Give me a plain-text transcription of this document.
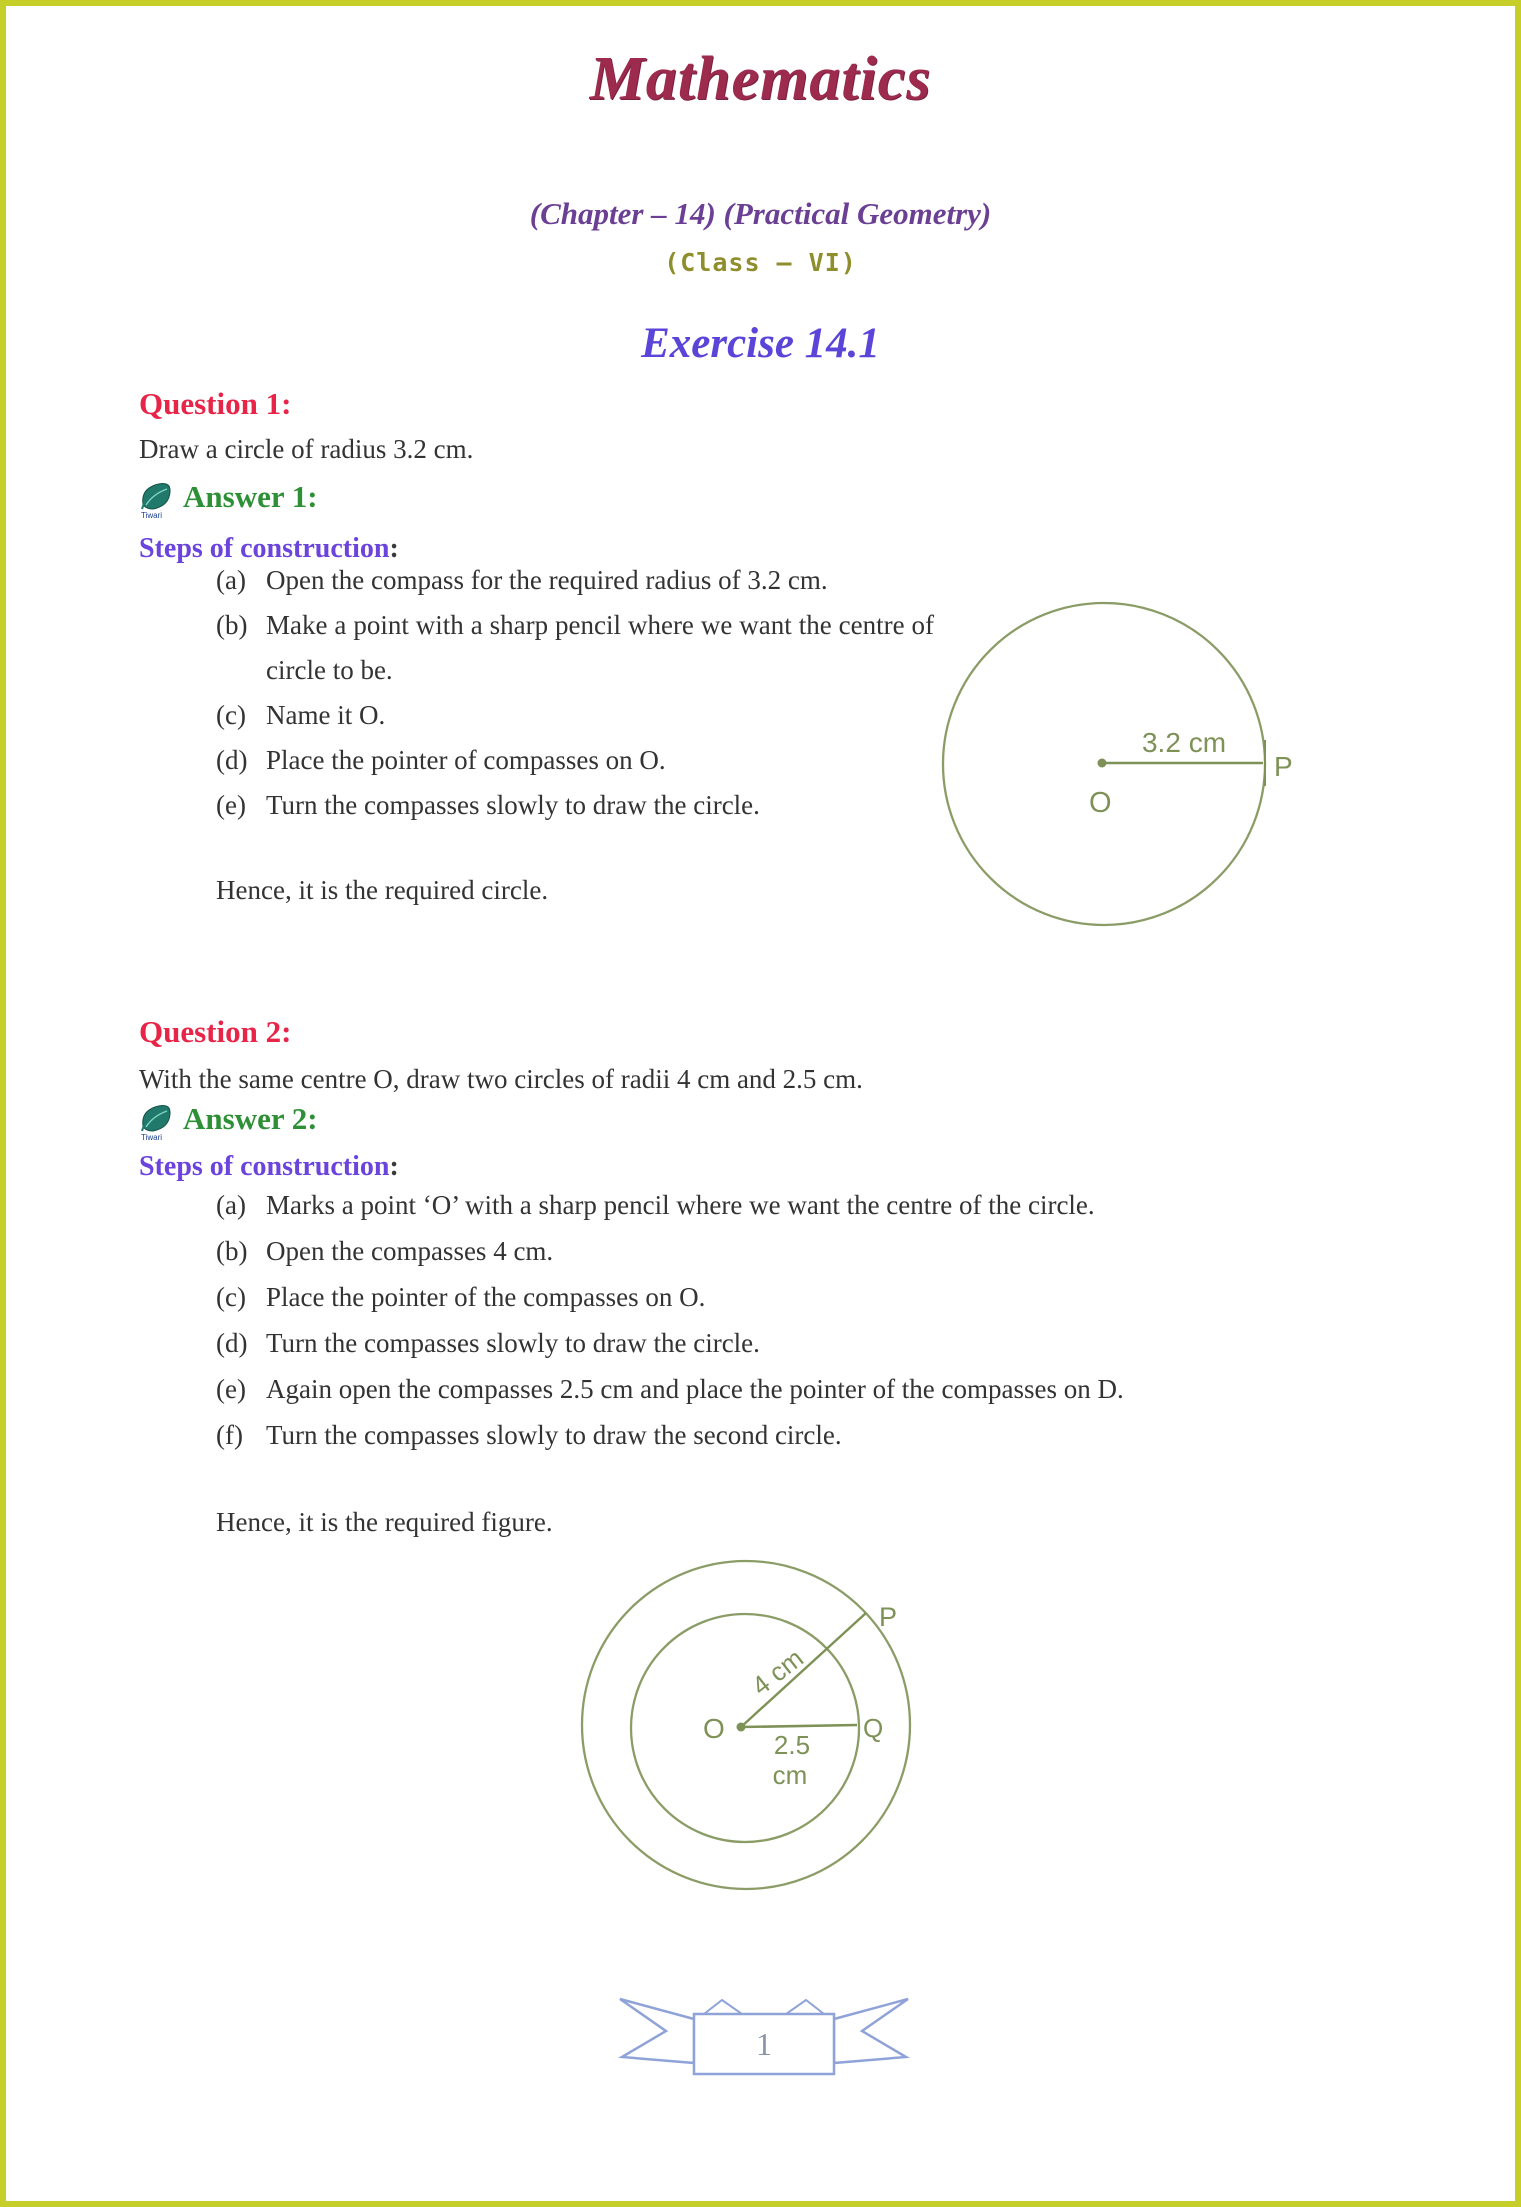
Mathematics
(Chapter – 14) (Practical Geometry)
(Class – VI)
Exercise 14.1
Question 1:
Draw a circle of radius 3.2 cm.
Tiwari
Answer 1:
Steps of construction:
(a) Open the compass for the required radius of 3.2 cm.
(b) Make a point with a sharp pencil where we want the centre of circle to be.
(c) Name it O.
(d) Place the pointer of compasses on O.
(e) Turn the compasses slowly to draw the circle.
Hence, it is the required circle.
3.2 cm
O
P
Question 2:
With the same centre O, draw two circles of radii 4 cm and 2.5 cm.
Tiwari
Answer 2:
Steps of construction:
(a) Marks a point ‘O’ with a sharp pencil where we want the centre of the circle.
(b) Open the compasses 4 cm.
(c) Place the pointer of the compasses on O.
(d) Turn the compasses slowly to draw the circle.
(e) Again open the compasses 2.5 cm and place the pointer of the compasses on D.
(f) Turn the compasses slowly to draw the second circle.
Hence, it is the required figure.
P
Q
O
4 cm
2.5
cm
1
